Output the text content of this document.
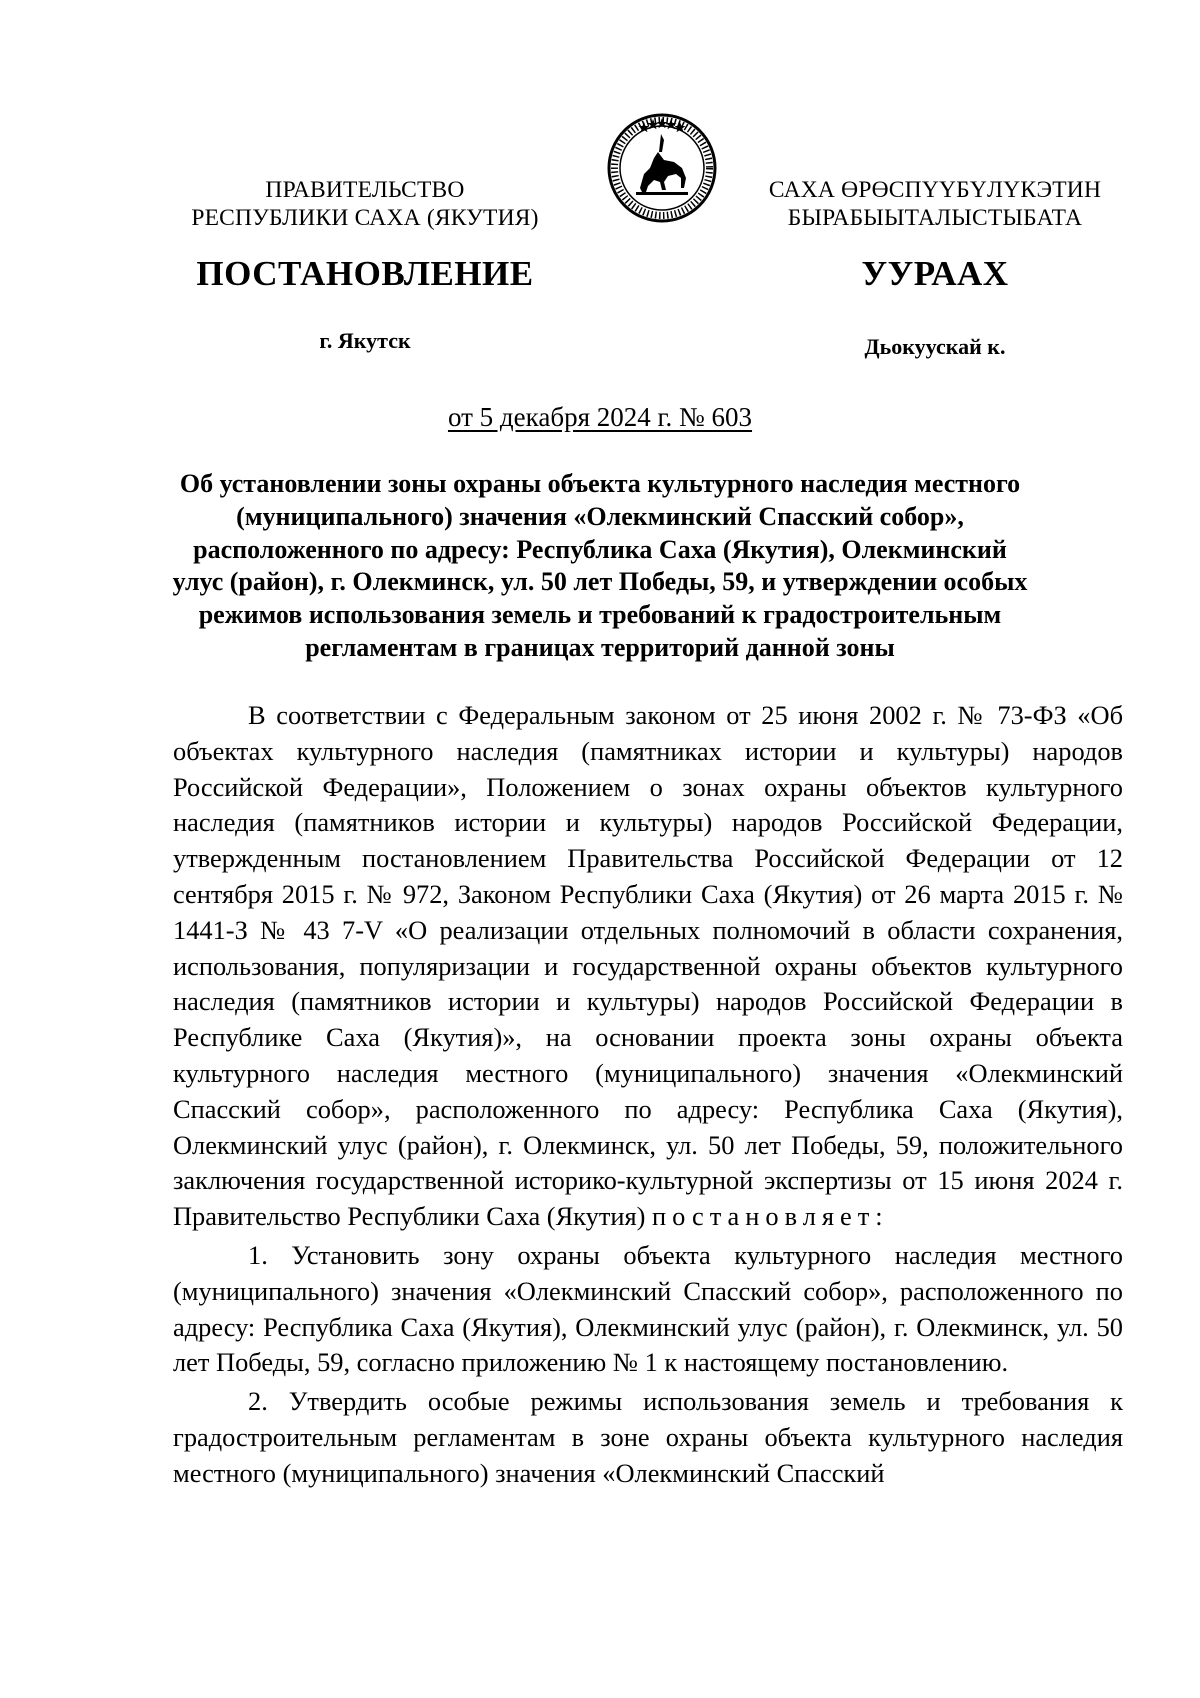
ПРАВИТЕЛЬСТВО
РЕСПУБЛИКИ САХА (ЯКУТИЯ)
САХА ӨРӨСПҮҮБҮЛҮКЭТИН
БЫРАБЫЫТАЛЫСТЫБАТА
ПОСТАНОВЛЕНИЕ	УУРААХ
г. Якутск	Дьокуускай к.
от 5 декабря 2024 г. № 603
Об установлении зоны охраны объекта культурного наследия местного (муниципального) значения «Олекминский Спасский собор», расположенного по адресу: Республика Саха (Якутия), Олекминский улус (район), г. Олекминск, ул. 50 лет Победы, 59, и утверждении особых режимов использования земель и требований к градостроительным регламентам в границах территорий данной зоны

В соответствии с Федеральным законом от 25 июня 2002 г. № 73-ФЗ «Об объектах культурного наследия (памятниках истории и культуры) народов Российской Федерации», Положением о зонах охраны объектов культурного наследия (памятников истории и культуры) народов Российской Федерации, утвержденным постановлением Правительства Российской Федерации от 12 сентября 2015 г. № 972, Законом Республики Саха (Якутия) от 26 марта 2015 г. № 1441-З № 43 7-V «О реализации отдельных полномочий в области сохранения, использования, популяризации и государственной охраны объектов культурного наследия (памятников истории и культуры) народов Российской Федерации в Республике Саха (Якутия)», на основании проекта зоны охраны объекта культурного наследия местного (муниципального) значения «Олекминский Спасский собор», расположенного по адресу: Республика Саха (Якутия), Олекминский улус (район), г. Олекминск, ул. 50 лет Победы, 59, положительного заключения государственной историко-культурной экспертизы от 15 июня 2024 г. Правительство Республики Саха (Якутия) постановляет:

1. Установить зону охраны объекта культурного наследия местного (муниципального) значения «Олекминский Спасский собор», расположенного по адресу: Республика Саха (Якутия), Олекминский улус (район), г. Олекминск, ул. 50 лет Победы, 59, согласно приложению № 1 к настоящему постановлению.

2. Утвердить особые режимы использования земель и требования к градостроительным регламентам в зоне охраны объекта культурного наследия местного (муниципального) значения «Олекминский Спасский
